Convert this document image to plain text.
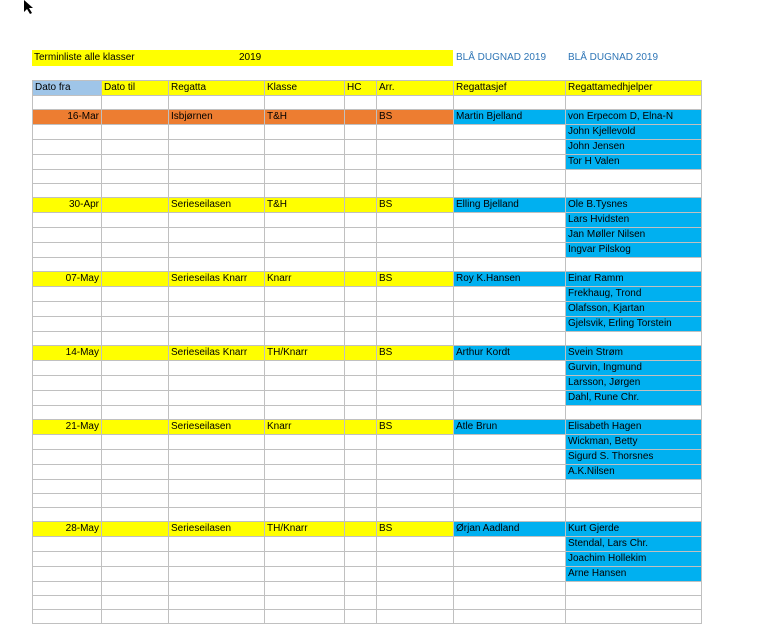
Terminliste alle klasser	2019	BLÅ DUGNAD 2019 BLÅ DUGNAD 2019
Dato fra	Dato til	Regatta	Klasse	HC	Arr.	Regattasjef	Regattamedhjelper

16-Mar		Isbjørnen	T&H		BS	Martin Bjelland	von Erpecom D, Elna-N
							John Kjellevold
							John Jensen
							Tor H Valen

30-Apr		Serieseilasen	T&H		BS	Elling Bjelland	Ole B.Tysnes
							Lars Hvidsten
							Jan Møller Nilsen
							Ingvar Pilskog

07-May		Serieseilas Knarr	Knarr		BS	Roy K.Hansen	Einar Ramm
							Frekhaug, Trond
							Olafsson, Kjartan
							Gjelsvik, Erling Torstein

14-May		Serieseilas Knarr	TH/Knarr		BS	Arthur Kordt	Svein Strøm
							Gurvin, Ingmund
							Larsson, Jørgen
							Dahl, Rune Chr.

21-May		Serieseilasen	Knarr		BS	Atle Brun	Elisabeth Hagen
							Wickman, Betty
							Sigurd S. Thorsnes
							A.K.Nilsen

28-May		Serieseilasen	TH/Knarr		BS	Ørjan Aadland	Kurt Gjerde
							Stendal, Lars Chr.
							Joachim Hollekim
							Arne Hansen
